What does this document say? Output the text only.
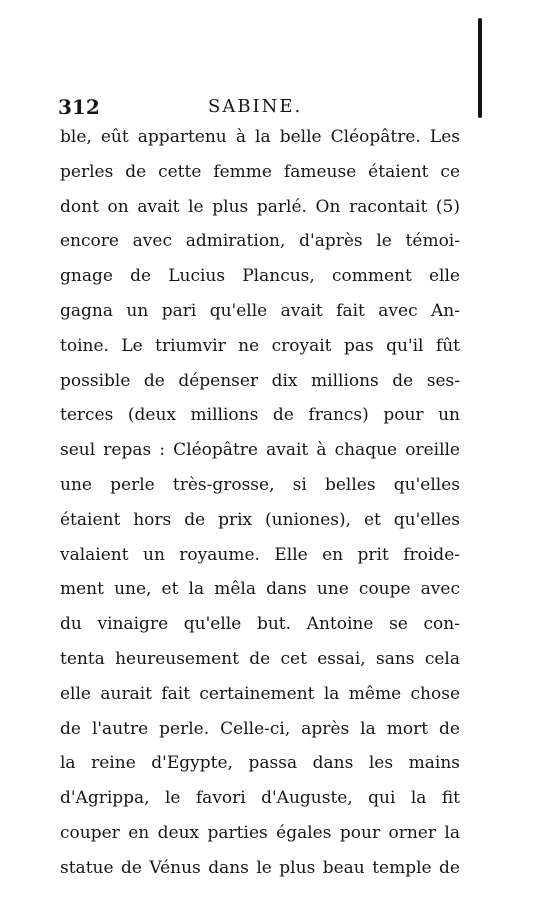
312	SABINE.
ble, eût appartenu à la belle Cléopâtre. Les
perles de cette femme fameuse étaient ce
dont on avait le plus parlé. On racontait (5)
encore avec admiration, d'après le témoi-
gnage de Lucius Plancus, comment elle
gagna un pari qu'elle avait fait avec An-
toine. Le triumvir ne croyait pas qu'il fût
possible de dépenser dix millions de ses-
terces (deux millions de francs) pour un
seul repas : Cléopâtre avait à chaque oreille
une perle très-grosse, si belles qu'elles
étaient hors de prix (uniones), et qu'elles
valaient un royaume. Elle en prit froide-
ment une, et la mêla dans une coupe avec
du vinaigre qu'elle but. Antoine se con-
tenta heureusement de cet essai, sans cela
elle aurait fait certainement la même chose
de l'autre perle. Celle-ci, après la mort de
la reine d'Egypte, passa dans les mains
d'Agrippa, le favori d'Auguste, qui la fit
couper en deux parties égales pour orner la
statue de Vénus dans le plus beau temple de
